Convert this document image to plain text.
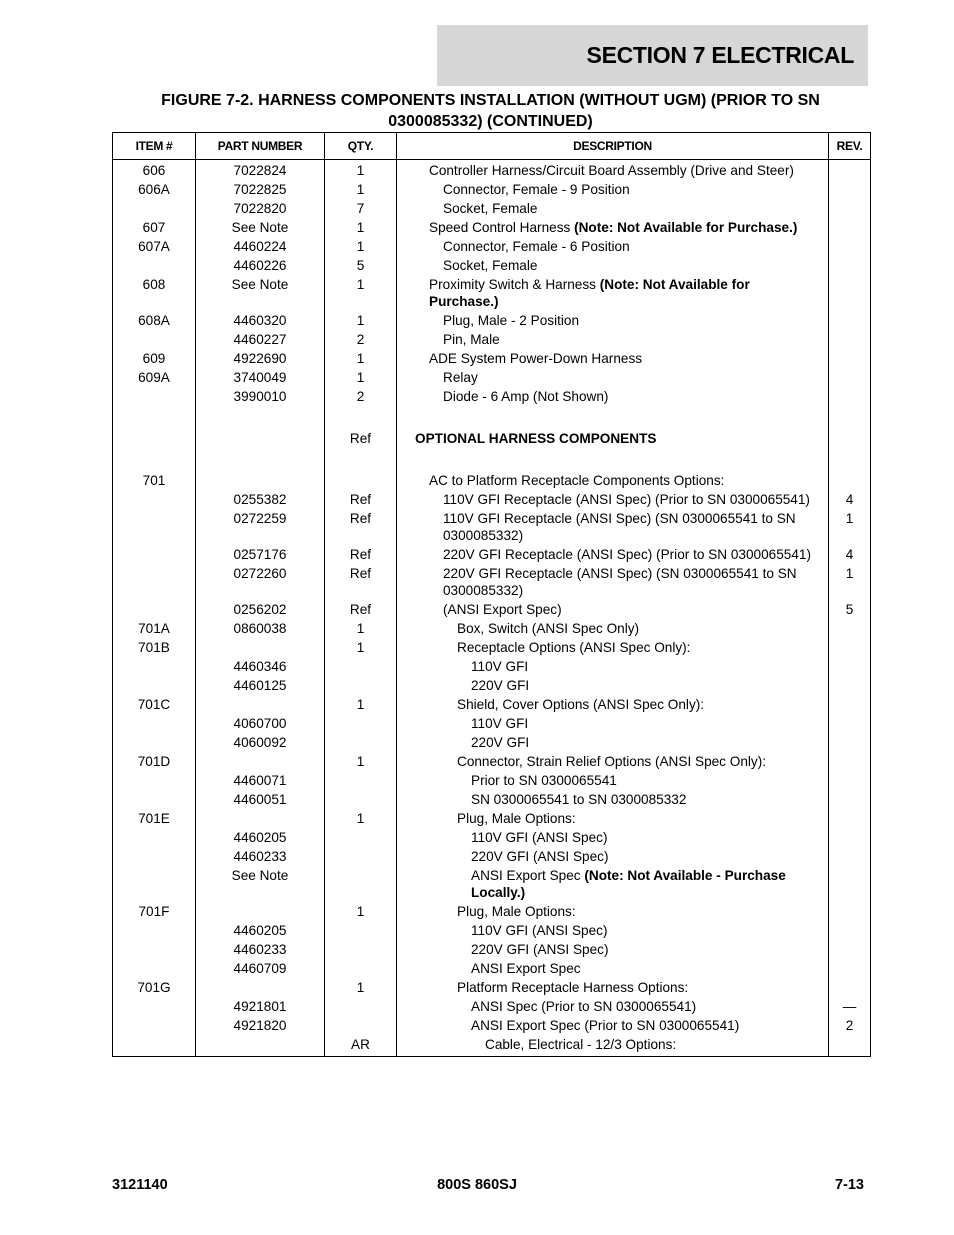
SECTION 7 ELECTRICAL
FIGURE 7-2. HARNESS COMPONENTS INSTALLATION (WITHOUT UGM) (PRIOR TO SN 0300085332) (CONTINUED)
ITEM #	PART NUMBER	QTY.	DESCRIPTION	REV.
606	7022824	1	Controller Harness/Circuit Board Assembly (Drive and Steer)	
606A	7022825	1	Connector, Female - 9 Position	
	7022820	7	Socket, Female	
607	See Note	1	Speed Control Harness (Note: Not Available for Purchase.)	
607A	4460224	1	Connector, Female - 6 Position	
	4460226	5	Socket, Female	
608	See Note	1	Proximity Switch & Harness (Note: Not Available for Purchase.)	
608A	4460320	1	Plug, Male - 2 Position	
	4460227	2	Pin, Male	
609	4922690	1	ADE System Power-Down Harness	
609A	3740049	1	Relay	
	3990010	2	Diode - 6 Amp (Not Shown)	

		Ref	OPTIONAL HARNESS COMPONENTS	

701			AC to Platform Receptacle Components Options:	
	0255382	Ref	110V GFI Receptacle (ANSI Spec) (Prior to SN 0300065541)	4
	0272259	Ref	110V GFI Receptacle (ANSI Spec) (SN 0300065541 to SN 0300085332)	1
	0257176	Ref	220V GFI Receptacle (ANSI Spec) (Prior to SN 0300065541)	4
	0272260	Ref	220V GFI Receptacle (ANSI Spec) (SN 0300065541 to SN 0300085332)	1
	0256202	Ref	(ANSI Export Spec)	5
701A	0860038	1	Box, Switch (ANSI Spec Only)	
701B		1	Receptacle Options (ANSI Spec Only):	
	4460346		110V GFI	
	4460125		220V GFI	
701C		1	Shield, Cover Options (ANSI Spec Only):	
	4060700		110V GFI	
	4060092		220V GFI	
701D		1	Connector, Strain Relief Options (ANSI Spec Only):	
	4460071		Prior to SN 0300065541	
	4460051		SN 0300065541 to SN 0300085332	
701E		1	Plug, Male Options:	
	4460205		110V GFI (ANSI Spec)	
	4460233		220V GFI (ANSI Spec)	
	See Note		ANSI Export Spec (Note: Not Available - Purchase Locally.)	
701F		1	Plug, Male Options:	
	4460205		110V GFI (ANSI Spec)	
	4460233		220V GFI (ANSI Spec)	
	4460709		ANSI Export Spec	
701G		1	Platform Receptacle Harness Options:	
	4921801		ANSI Spec (Prior to SN 0300065541)	—
	4921820		ANSI Export Spec (Prior to SN 0300065541)	2
		AR	Cable, Electrical - 12/3 Options:	
3121140	800S 860SJ	7-13
